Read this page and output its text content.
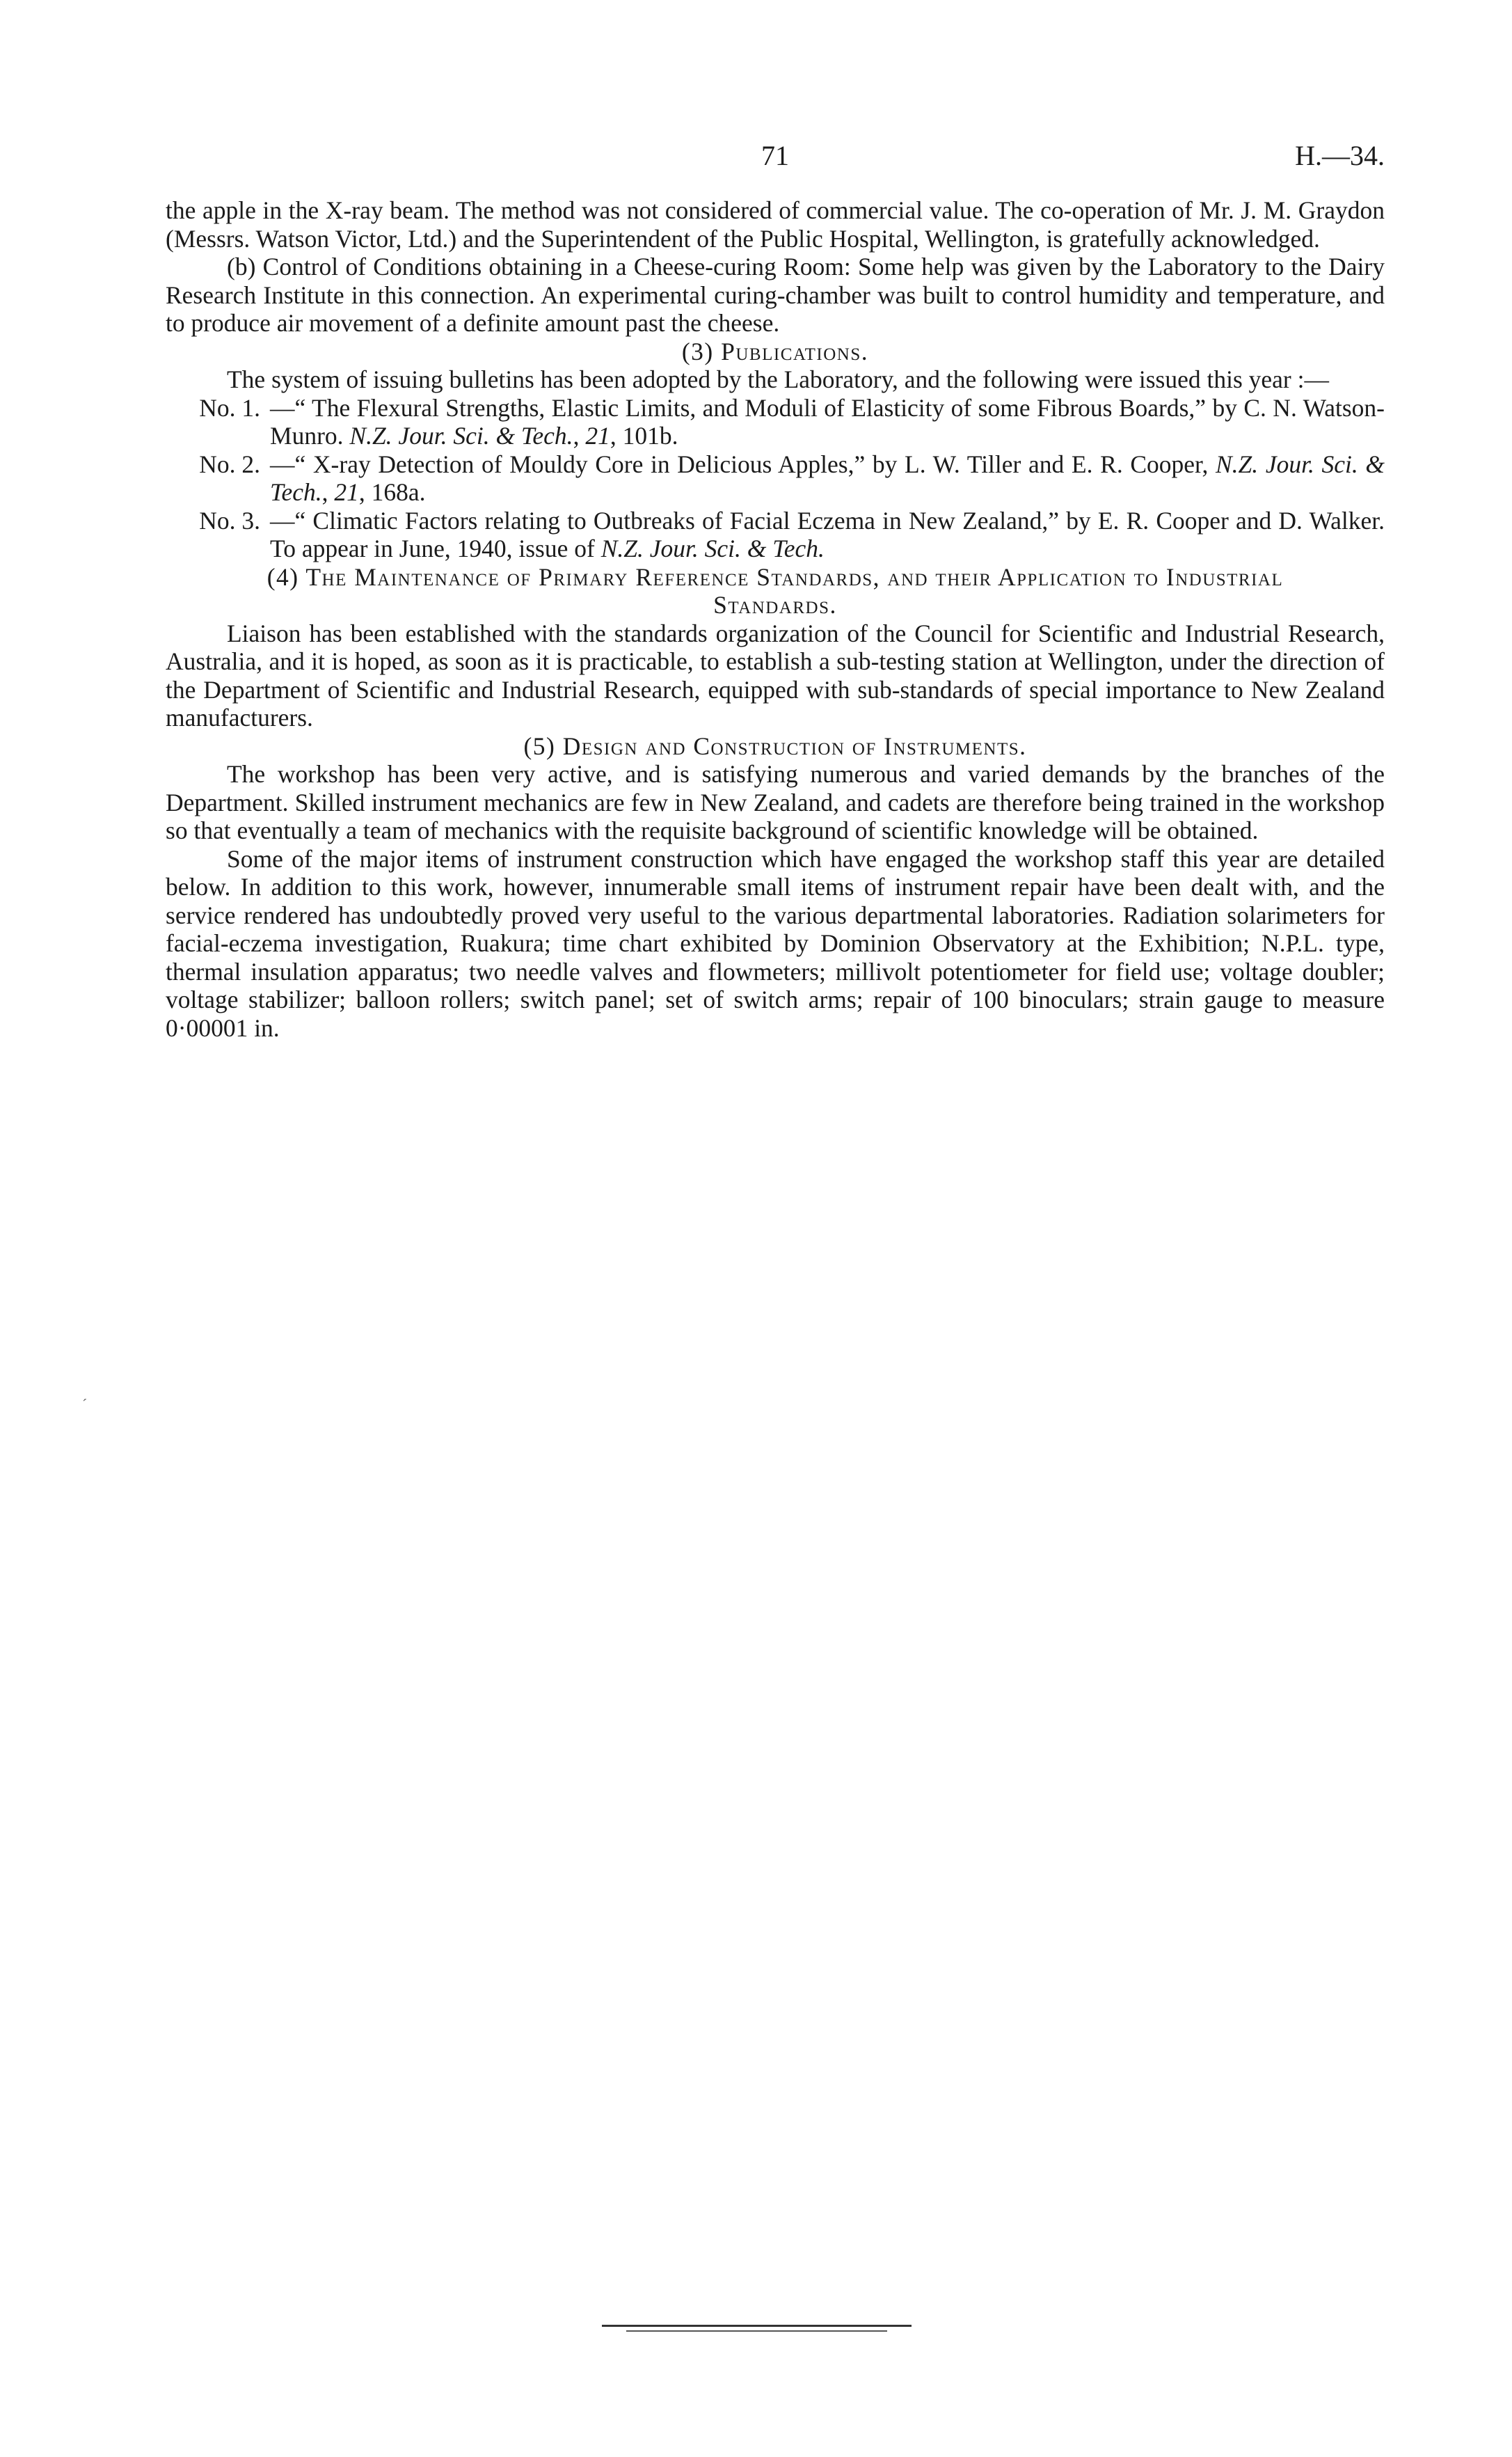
71	H.—34.

the apple in the X-ray beam. The method was not considered of commercial value. The co-operation of Mr. J. M. Graydon (Messrs. Watson Victor, Ltd.) and the Superintendent of the Public Hospital, Wellington, is gratefully acknowledged.

(b) Control of Conditions obtaining in a Cheese-curing Room: Some help was given by the Laboratory to the Dairy Research Institute in this connection. An experimental curing-chamber was built to control humidity and temperature, and to produce air movement of a definite amount past the cheese.

(3) Publications.

The system of issuing bulletins has been adopted by the Laboratory, and the following were issued this year :—

No. 1. —“ The Flexural Strengths, Elastic Limits, and Moduli of Elasticity of some Fibrous Boards,” by C. N. Watson-Munro. N.Z. Jour. Sci. & Tech., 21, 101b.
No. 2. —“ X-ray Detection of Mouldy Core in Delicious Apples,” by L. W. Tiller and E. R. Cooper, N.Z. Jour. Sci. & Tech., 21, 168a.
No. 3. —“ Climatic Factors relating to Outbreaks of Facial Eczema in New Zealand,” by E. R. Cooper and D. Walker. To appear in June, 1940, issue of N.Z. Jour. Sci. & Tech.

(4) The Maintenance of Primary Reference Standards, and their Application to Industrial Standards.

Liaison has been established with the standards organization of the Council for Scientific and Industrial Research, Australia, and it is hoped, as soon as it is practicable, to establish a sub-testing station at Wellington, under the direction of the Department of Scientific and Industrial Research, equipped with sub-standards of special importance to New Zealand manufacturers.

(5) Design and Construction of Instruments.

The workshop has been very active, and is satisfying numerous and varied demands by the branches of the Department. Skilled instrument mechanics are few in New Zealand, and cadets are therefore being trained in the workshop so that eventually a team of mechanics with the requisite background of scientific knowledge will be obtained.

Some of the major items of instrument construction which have engaged the workshop staff this year are detailed below. In addition to this work, however, innumerable small items of instrument repair have been dealt with, and the service rendered has undoubtedly proved very useful to the various departmental laboratories. Radiation solarimeters for facial-eczema investigation, Ruakura; time chart exhibited by Dominion Observatory at the Exhibition; N.P.L. type, thermal insulation apparatus; two needle valves and flowmeters; millivolt potentiometer for field use; voltage doubler; voltage stabilizer; balloon rollers; switch panel; set of switch arms; repair of 100 binoculars; strain gauge to measure 0·00001 in.

´
